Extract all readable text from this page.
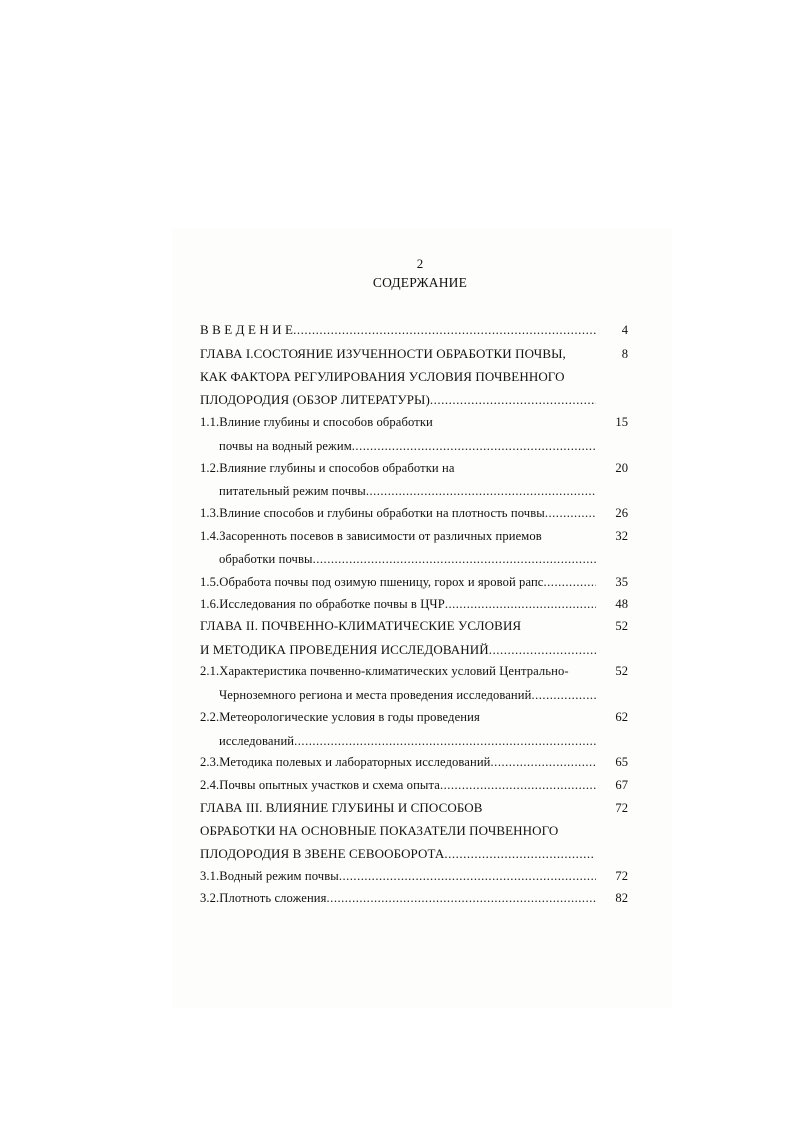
2
СОДЕРЖАНИЕ
В В Е Д Е Н И Е .....	4
ГЛАВА I.СОСТОЯНИЕ ИЗУЧЕННОСТИ ОБРАБОТКИ ПОЧВЫ,	8
КАК ФАКТОРА РЕГУЛИРОВАНИЯ УСЛОВИЯ ПОЧВЕННОГО
ПЛОДОРОДИЯ (ОБЗОР ЛИТЕРАТУРЫ) .....
1.1.Влиние глубины и способов обработки	15
почвы на водный режим .....
1.2.Влияние глубины и способов обработки на	20
питательный режим почвы .....
1.3.Влиние способов и глубины обработки на плотность почвы .....	26
1.4.Засоренноть посевов в зависимости от различных приемов	32
обработки почвы .....
1.5.Обработа почвы под озимую пшеницу, горох и яровой рапс .....	35
1.6.Исследования по обработке почвы в ЦЧР .....	48
ГЛАВА II. ПОЧВЕННО-КЛИМАТИЧЕСКИЕ УСЛОВИЯ	52
И МЕТОДИКА ПРОВЕДЕНИЯ ИССЛЕДОВАНИЙ .....
2.1.Характеристика почвенно-климатических условий Центрально-	52
Черноземного региона и места проведения исследований .....
2.2.Метеорологические условия в годы проведения	62
исследований .....
2.3.Методика полевых и лабораторных исследований .....	65
2.4.Почвы опытных участков и схема опыта .....	67
ГЛАВА III. ВЛИЯНИЕ ГЛУБИНЫ И СПОСОБОВ	72
ОБРАБОТКИ НА ОСНОВНЫЕ ПОКАЗАТЕЛИ ПОЧВЕННОГО
ПЛОДОРОДИЯ В ЗВЕНЕ СЕВООБОРОТА .....
3.1.Водный режим почвы .....	72
3.2.Плотноть сложения .....	82
